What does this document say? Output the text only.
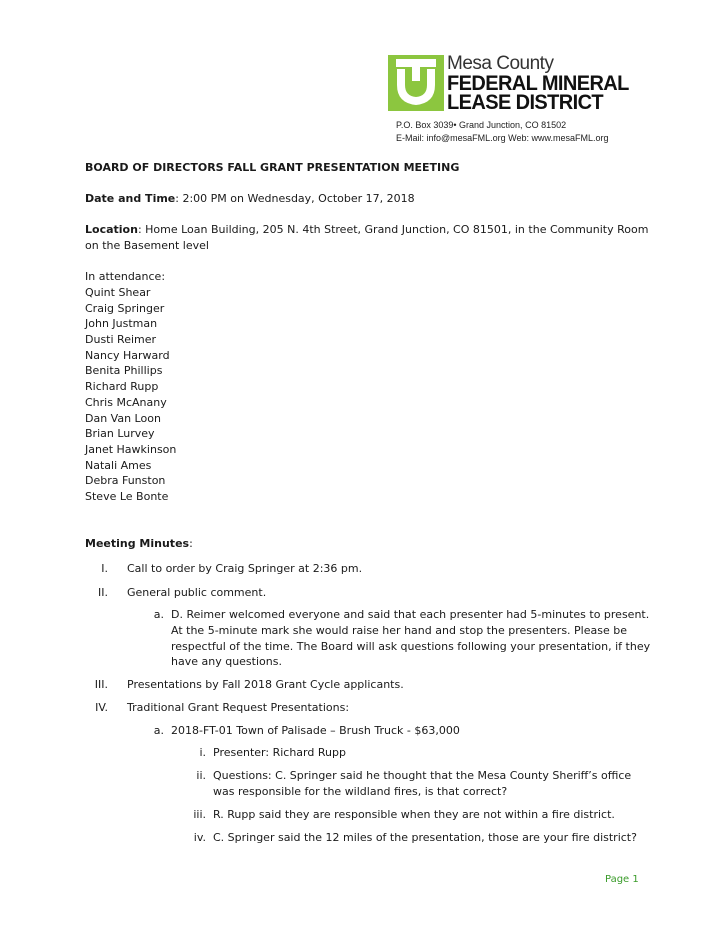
Mesa County
FEDERAL MINERAL
LEASE DISTRICT
P.O. Box 3039• Grand Junction, CO 81502
E-Mail: info@mesaFML.org Web: www.mesaFML.org
BOARD OF DIRECTORS FALL GRANT PRESENTATION MEETING
Date and Time: 2:00 PM on Wednesday, October 17, 2018
Location: Home Loan Building, 205 N. 4th Street, Grand Junction, CO 81501, in the Community Room
on the Basement level
In attendance:
Quint Shear
Craig Springer
John Justman
Dusti Reimer
Nancy Harward
Benita Phillips
Richard Rupp
Chris McAnany
Dan Van Loon
Brian Lurvey
Janet Hawkinson
Natali Ames
Debra Funston
Steve Le Bonte
Meeting Minutes:
I. Call to order by Craig Springer at 2:36 pm.
II. General public comment.
a. D. Reimer welcomed everyone and said that each presenter had 5-minutes to present.
At the 5-minute mark she would raise her hand and stop the presenters. Please be
respectful of the time. The Board will ask questions following your presentation, if they
have any questions.
III. Presentations by Fall 2018 Grant Cycle applicants.
IV. Traditional Grant Request Presentations:
a. 2018-FT-01 Town of Palisade – Brush Truck - $63,000
i. Presenter: Richard Rupp
ii. Questions: C. Springer said he thought that the Mesa County Sheriff’s office
was responsible for the wildland fires, is that correct?
iii. R. Rupp said they are responsible when they are not within a fire district.
iv. C. Springer said the 12 miles of the presentation, those are your fire district?
Page 1
